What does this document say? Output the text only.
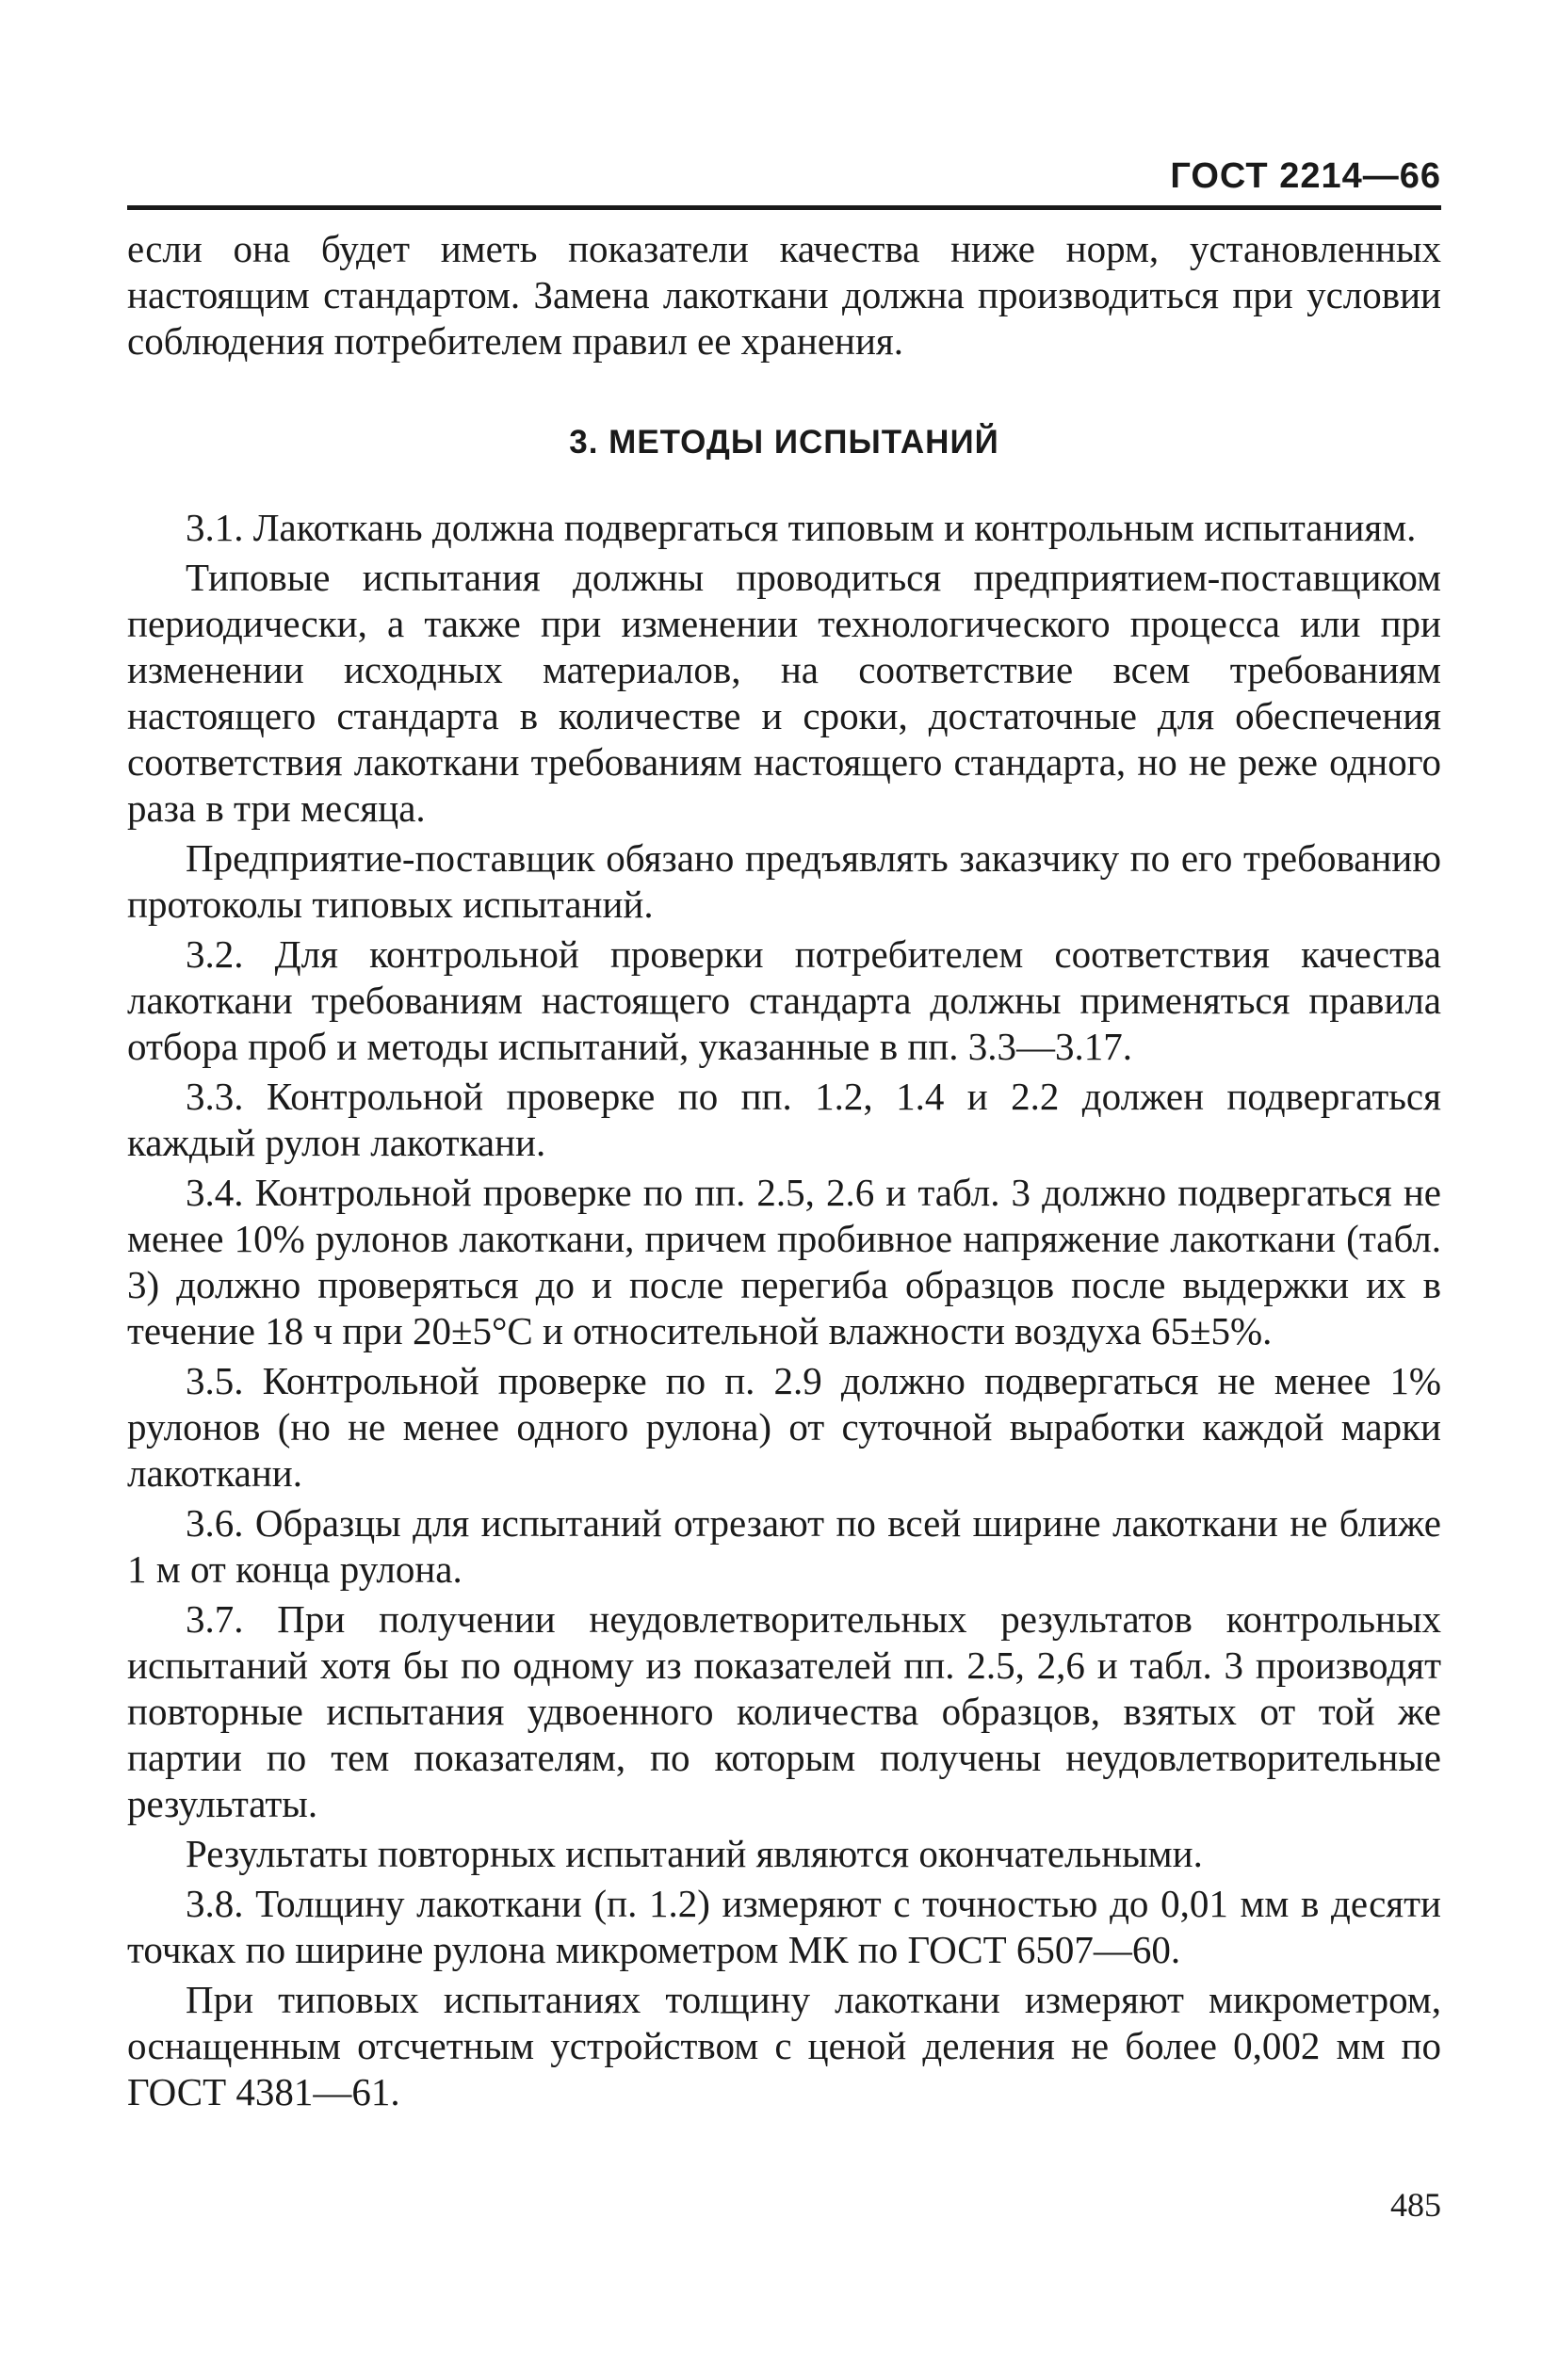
ГОСТ 2214—66

если она будет иметь показатели качества ниже норм, установленных настоящим стандартом. Замена лакоткани должна производиться при условии соблюдения потребителем правил ее хранения.

3. МЕТОДЫ ИСПЫТАНИЙ

3.1. Лакоткань должна подвергаться типовым и контрольным испытаниям.

Типовые испытания должны проводиться предприятием-поставщиком периодически, а также при изменении технологического процесса или при изменении исходных материалов, на соответствие всем требованиям настоящего стандарта в количестве и сроки, достаточные для обеспечения соответствия лакоткани требованиям настоящего стандарта, но не реже одного раза в три месяца.

Предприятие-поставщик обязано предъявлять заказчику по его требованию протоколы типовых испытаний.

3.2. Для контрольной проверки потребителем соответствия качества лакоткани требованиям настоящего стандарта должны применяться правила отбора проб и методы испытаний, указанные в пп. 3.3—3.17.

3.3. Контрольной проверке по пп. 1.2, 1.4 и 2.2 должен подвергаться каждый рулон лакоткани.

3.4. Контрольной проверке по пп. 2.5, 2.6 и табл. 3 должно подвергаться не менее 10% рулонов лакоткани, причем пробивное напряжение лакоткани (табл. 3) должно проверяться до и после перегиба образцов после выдержки их в течение 18 ч при 20±5°С и относительной влажности воздуха 65±5%.

3.5. Контрольной проверке по п. 2.9 должно подвергаться не менее 1% рулонов (но не менее одного рулона) от суточной выработки каждой марки лакоткани.

3.6. Образцы для испытаний отрезают по всей ширине лакоткани не ближе 1 м от конца рулона.

3.7. При получении неудовлетворительных результатов контрольных испытаний хотя бы по одному из показателей пп. 2.5, 2,6 и табл. 3 производят повторные испытания удвоенного количества образцов, взятых от той же партии по тем показателям, по которым получены неудовлетворительные результаты.

Результаты повторных испытаний являются окончательными.

3.8. Толщину лакоткани (п. 1.2) измеряют с точностью до 0,01 мм в десяти точках по ширине рулона микрометром МК по ГОСТ 6507—60.

При типовых испытаниях толщину лакоткани измеряют микрометром, оснащенным отсчетным устройством с ценой деления не более 0,002 мм по ГОСТ 4381—61.

485
